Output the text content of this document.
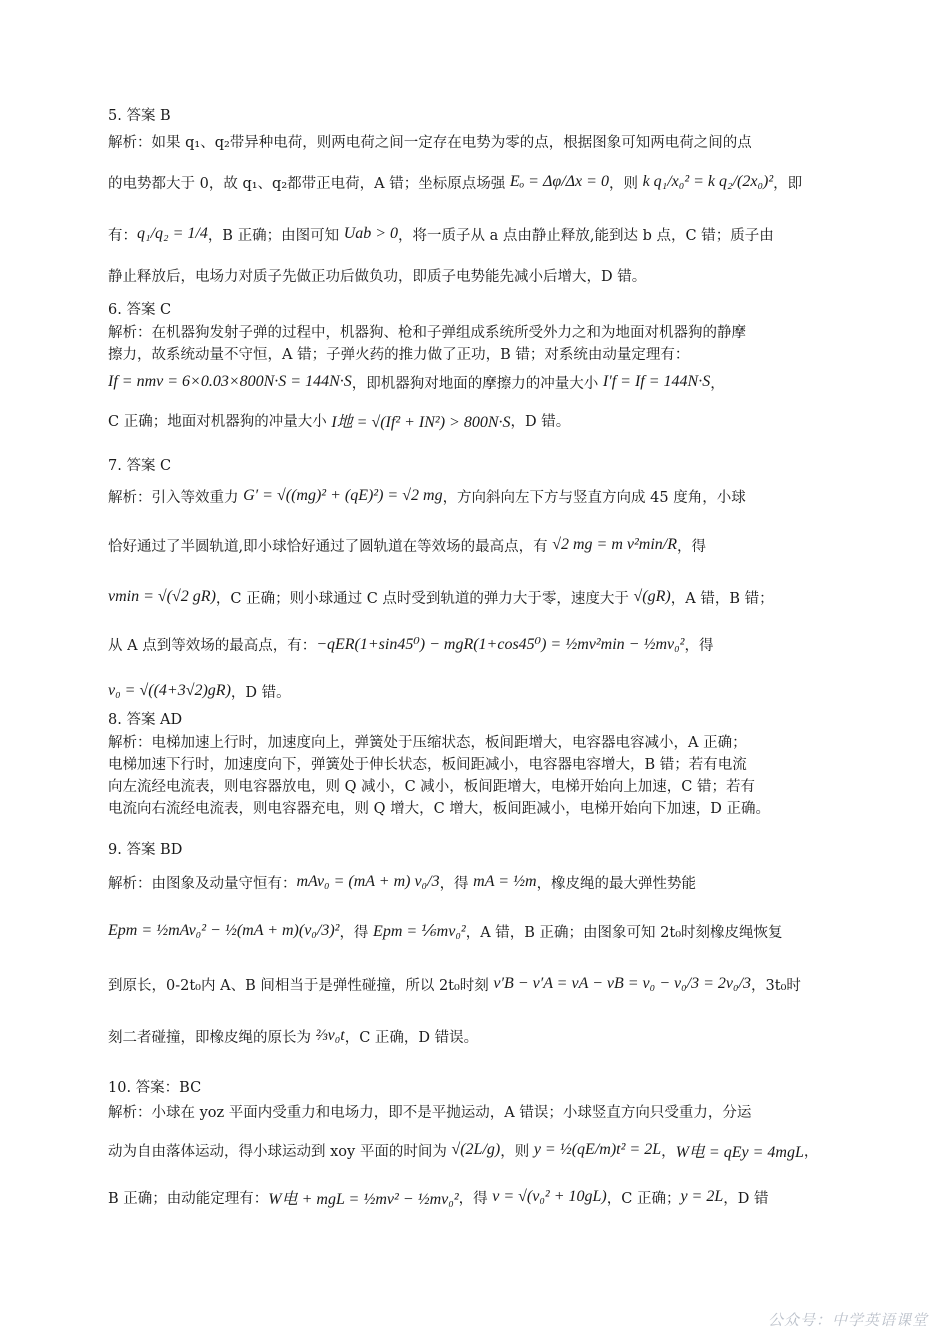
5. 答案 B
解析：如果 q₁、q₂带异种电荷，则两电荷之间一定存在电势为零的点，根据图象可知两电荷之间的点
的电势都大于 0，故 q₁、q₂都带正电荷，A 错；坐标原点场强 Eₒ = Δφ/Δx = 0 ，则 k q₁/x₀² = k q₂/(2x₀)² ，即
有： q₁/q₂ = 1/4 ，B 正确；由图可知 Uab > 0 ，将一质子从 a 点由静止释放,能到达 b 点，C 错；质子由
静止释放后，电场力对质子先做正功后做负功，即质子电势能先减小后增大，D 错。
6. 答案 C
解析：在机器狗发射子弹的过程中，机器狗、枪和子弹组成系统所受外力之和为地面对机器狗的静摩
擦力，故系统动量不守恒，A 错；子弹火药的推力做了正功，B 错；对系统由动量定理有：
If = nmv = 6×0.03×800N·S = 144N·S ，即机器狗对地面的摩擦力的冲量大小 I′f = If = 144N·S ，
C 正确；地面对机器狗的冲量大小 I地 = √(If² + IN²) > 800N·S ，D 错。
7. 答案 C
解析：引入等效重力 G′ = √((mg)² + (qE)²) = √2 mg ，方向斜向左下方与竖直方向成 45 度角，小球
恰好通过了半圆轨道,即小球恰好通过了圆轨道在等效场的最高点，有 √2 mg = m v²min/R ，得
vmin = √(√2 gR) ，C 正确；则小球通过 C 点时受到轨道的弹力大于零，速度大于 √(gR) ，A 错，B 错；
从 A 点到等效场的最高点，有： −qER(1+sin45⁰) − mgR(1+cos45⁰) = ½mv²min − ½mv₀² ，得
v₀ = √((4+3√2)gR) ，D 错。
8. 答案 AD
解析：电梯加速上行时，加速度向上，弹簧处于压缩状态，板间距增大，电容器电容减小，A 正确；
电梯加速下行时，加速度向下，弹簧处于伸长状态，板间距减小，电容器电容增大，B 错；若有电流
向左流经电流表，则电容器放电，则 Q 减小，C 减小，板间距增大，电梯开始向上加速，C 错；若有
电流向右流经电流表，则电容器充电，则 Q 增大，C 增大，板间距减小，电梯开始向下加速，D 正确。
9. 答案 BD
解析：由图象及动量守恒有： mAv₀ = (mA + m) v₀/3 ，得 mA = ½m ，橡皮绳的最大弹性势能
Epm = ½mAv₀² − ½(mA + m)(v₀/3)² ，得 Epm = ⅙mv₀² ，A 错，B 正确；由图象可知 2t₀时刻橡皮绳恢复
到原长，0-2t₀内 A、B 间相当于是弹性碰撞，所以 2t₀时刻 v′B − v′A = vA − vB = v₀ − v₀/3 = 2v₀/3 ，3t₀时
刻二者碰撞，即橡皮绳的原长为 ⅔v₀t ，C 正确，D 错误。
10. 答案：BC
解析：小球在 yoz 平面内受重力和电场力，即不是平抛运动，A 错误；小球竖直方向只受重力，分运
动为自由落体运动，得小球运动到 xoy 平面的时间为 √(2L/g) ，则 y = ½(qE/m)t² = 2L ， W电 = qEy = 4mgL ，
B 正确；由动能定理有： W电 + mgL = ½mv² − ½mv₀² ，得 v = √(v₀² + 10gL) ，C 正确； y = 2L ，D 错
公众号：中学英语课堂
